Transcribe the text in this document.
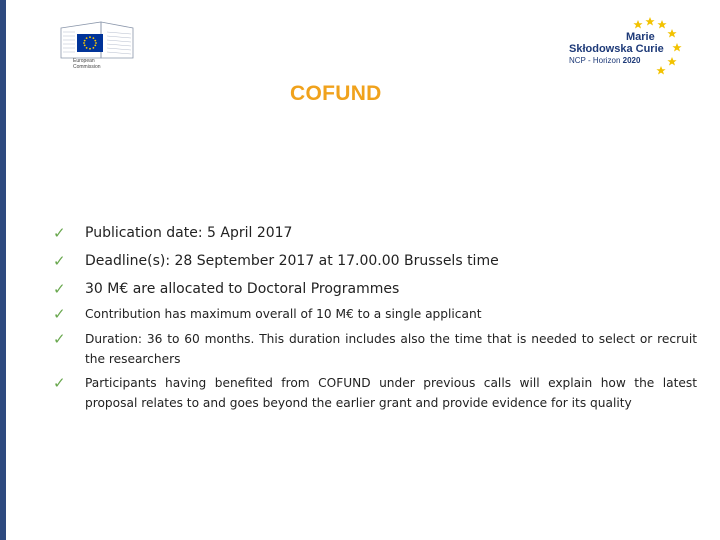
European
Commission
Marie
Skłodowska Curie
NCP - Horizon 2020
COFUND
✓ Publication date: 5 April 2017
✓ Deadline(s): 28 September 2017 at 17.00.00 Brussels time
✓ 30 M€ are allocated to Doctoral Programmes
✓ Contribution has maximum overall of 10 M€ to a single applicant
✓ Duration: 36 to 60 months. This duration includes also the time that is needed to select or recruit the researchers
✓ Participants having benefited from COFUND under previous calls will explain how the latest proposal relates to and goes beyond the earlier grant and provide evidence for its quality
